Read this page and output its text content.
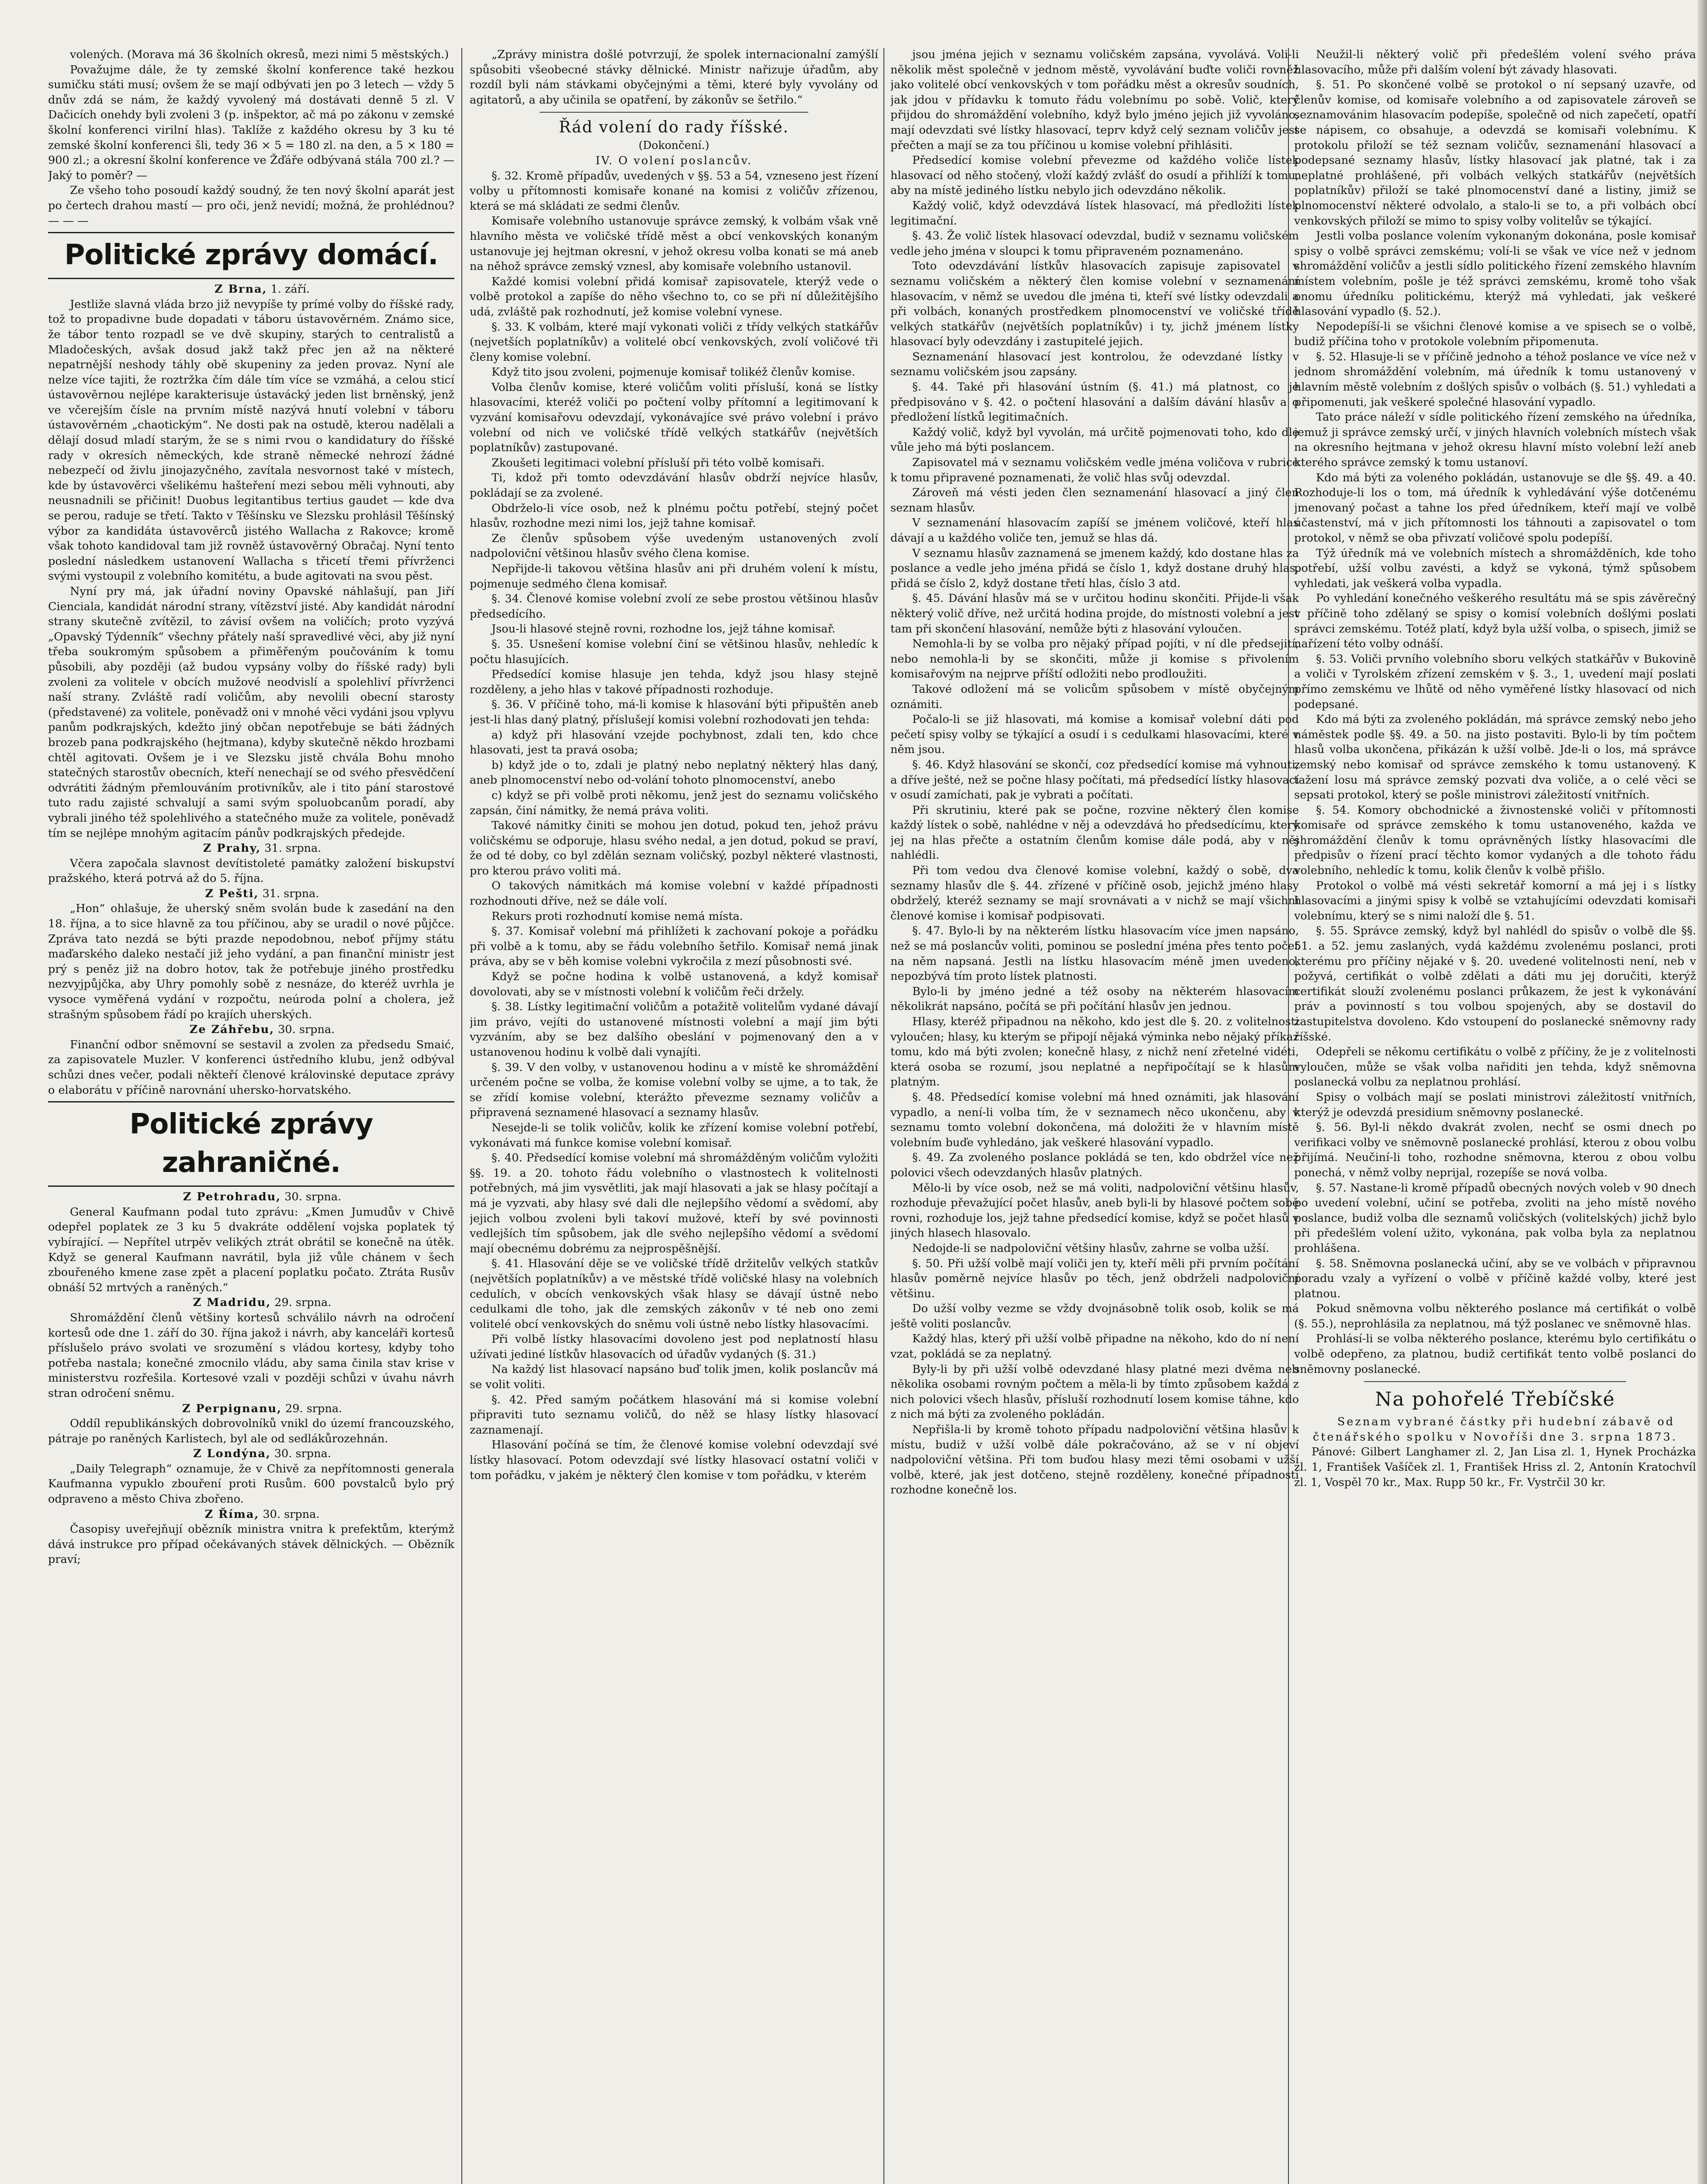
volených. (Morava má 36 školních okresů, mezi nimi 5 městských.)

Považujme dále, že ty zemské školní konference také hezkou sumičku státi musí; ovšem že se mají odbývati jen po 3 letech — vždy 5 dnův zdá se nám, že každý vyvolený má dostávati denně 5 zl. V Dačicích onehdy byli zvoleni 3 (p. inšpektor, ač má po zákonu v zemské školní konferenci virilní hlas). Taklíže z každého okresu by 3 ku té zemské školní konferenci šli, tedy 36 × 5 = 180 zl. na den, a 5 × 180 = 900 zl.; a okresní školní konference ve Žďáře odbývaná stála 700 zl.? — Jaký to poměr? —

Ze všeho toho posoudí každý soudný, že ten nový školní aparát jest po čertech drahou mastí — pro oči, jenž nevidí; možná, že prohlédnou? — — —

Politické zprávy domácí.

Z Brna, 1. září.

Jestliže slavná vláda brzo již nevypíše ty prímé volby do říšské rady, tož to propadivne bude dopadati v táboru ústavověrném. Známo sice, že tábor tento rozpadl se ve dvě skupiny, starých to centralistů a Mladočeských, avšak dosud jakž takž přec jen až na některé nepatrnější neshody táhly obě skupeniny za jeden provaz. Nyní ale nelze více tajiti, že roztržka čím dále tím více se vzmáhá, a celou sticí ústavověrnou nejlépe karakterisuje ústavácký jeden list brněnský, jenž ve včerejším čísle na prvním místě nazývá hnutí volební v táboru ústavověrném „chaotickým“. Ne dosti pak na ostudě, kterou nadělali a dělají dosud mladí starým, že se s nimi rvou o kandidatury do říšské rady v okresích německých, kde straně německé nehrozí žádné nebezpečí od živlu jinojazyčného, zavítala nesvornost také v místech, kde by ústavověrci všelikému hašteření mezi sebou měli vyhnouti, aby neusnadnili se přičinit! Duobus legitantibus tertius gaudet — kde dva se perou, raduje se třetí. Takto v Těšínsku ve Slezsku prohlásil Těšínský výbor za kandidáta ústavověrců jistého Wallacha z Rakovce; kromě však tohoto kandidoval tam již rovněž ústavověrný Obračaj. Nyní tento poslední následkem ustanovení Wallacha s třicetí třemi přívrženci svými vystoupil z volebního komitétu, a bude agitovati na svou pěst.

Nyní pry má, jak úřadní noviny Opavské náhlašují, pan Jiří Cienciala, kandidát národní strany, vítězství jisté. Aby kandidát národní strany skutečně zvítězil, to závisí ovšem na voličích; proto vyzývá „Opavský Týdenník“ všechny přátely naší spravedlivé věci, aby již nyní třeba soukromým spůsobem a přiměřeným poučováním k tomu působili, aby později (až budou vypsány volby do říšské rady) byli zvoleni za volitele v obcích mužové neodvislí a spolehliví přívrženci naší strany. Zvláště radí voličům, aby nevolili obecní starosty (představené) za volitele, poněvadž oni v mnohé věci vydáni jsou vplyvu panům podkrajských, kdežto jiný občan nepotřebuje se báti žádných brozeb pana podkrajského (hejtmana), kdyby skutečně někdo hrozbami chtěl agitovati. Ovšem je i ve Slezsku jistě chvála Bohu mnoho statečných starostův obecních, kteří nenechají se od svého přesvědčení odvrátiti žádným přemlouváním protivníkův, ale i tito pání starostové tuto radu zajisté schvalují a sami svým spoluobcanům poradí, aby vybrali jiného též spolehlivého a statečného muže za volitele, poněvadž tím se nejlépe mnohým agitacím pánův podkrajských předejde.

Z Prahy, 31. srpna.

Včera započala slavnost devítistoleté památky založení biskupství pražského, která potrvá až do 5. října.

Z Pešti, 31. srpna.

„Hon“ ohlašuje, že uherský sněm svolán bude k zasedání na den 18. října, a to sice hlavně za tou příčinou, aby se uradil o nové půjčce. Zpráva tato nezdá se býti prazde nepodobnou, neboť příjmy státu maďarského daleko nestačí již jeho vydání, a pan finanční ministr jest prý s peněz již na dobro hotov, tak že potřebuje jiného prostředku nezvyjpůjčka, aby Uhry pomohly sobě z nesnáze, do kteréž uvrhla je vysoce vyměřená vydání v rozpočtu, neúroda polní a cholera, jež strašným spůsobem řádí po krajích uherských.

Ze Záhřebu, 30. srpna.

Finanční odbor sněmovní se sestavil a zvolen za předsedu Smaić, za zapisovatele Muzler. V konferenci ústředního klubu, jenž odbýval schůzi dnes večer, podali někteří členové královinské deputace zprávy o elaborátu v příčině narovnání uhersko-horvatského.

Politické zprávy zahraničné.

Z Petrohradu, 30. srpna.

General Kaufmann podal tuto zprávu: „Kmen Jumudův v Chivě odepřel poplatek ze 3 ku 5 dvakráte oddělení vojska poplatek tý vybírající. — Nepřítel utrpěv velikých ztrát obrátil se konečně na útěk. Když se general Kaufmann navrátil, byla již vůle chánem v šech zbouřeného kmene zase zpět a placení poplatku počato. Ztráta Rusův obnáší 52 mrtvých a raněných.“

Z Madridu, 29. srpna.

Shromáždění členů většiny kortesů schválilo návrh na odročení kortesů ode dne 1. září do 30. října jakož i návrh, aby kanceláři kortesů příslušelo právo svolati ve srozumění s vládou kortesy, kdyby toho potřeba nastala; konečné zmocnilo vládu, aby sama činila stav krise v ministerstvu rozřešila. Kortesové vzali v později schůzi v úvahu návrh stran odročení sněmu.

Z Perpignanu, 29. srpna.

Oddíl republikánských dobrovolníků vnikl do území francouzského, pátraje po raněných Karlistech, byl ale od sedlákůrozehnán.

Z Londýna, 30. srpna.

„Daily Telegraph“ oznamuje, že v Chivě za nepřítomnosti generala Kaufmanna vypuklo zbouření proti Rusům. 600 povstalců bylo prý odpraveno a město Chiva zbořeno.

Z Říma, 30. srpna.

Časopisy uveřejňují obězník ministra vnitra k prefektům, kterýmž dává instrukce pro případ očekávaných stávek dělnických. — Obězník praví;

„Zprávy ministra došlé potvrzují, že spolek internacionalní zamýšlí spůsobiti všeobecné stávky dělnické. Ministr nařizuje úřadům, aby rozdíl byli nám stávkami obyčejnými a těmi, které byly vyvolány od agitatorů, a aby učinila se opatření, by zákonův se šetřilo.“

Řád volení do rady říšské.
(Dokončení.)
IV. O volení poslancův.

§. 32. Kromě případův, uvedených v §§. 53 a 54, vzneseno jest řízení volby u přítomnosti komisaře konané na komisi z voličův zřízenou, která se má skládati ze sedmi členův.

Komisaře volebního ustanovuje správce zemský, k volbám však vně hlavního města ve voličské třídě měst a obcí venkovských konaným ustanovuje jej hejtman okresní, v jehož okresu volba konati se má aneb na něhož správce zemský vznesl, aby komisaře volebního ustanovil.

Každé komisi volební přidá komisař zapisovatele, kterýž vede o volbě protokol a zapíše do něho všechno to, co se při ní důležitějšího udá, zvláště pak rozhodnutí, jež komise volební vynese.

§. 33. K volbám, které mají vykonati voliči z třídy velkých statkářův (nejvetších poplatníkův) a volitelé obcí venkovských, zvolí voličové tři členy komise volební.

Když tito jsou zvoleni, pojmenuje komisař tolikéž členův komise.

Volba členův komise, které voličům voliti přísluší, koná se lístky hlasovacími, kteréž voliči po počtení volby přítomní a legitimovaní k vyzvání komisařovu odevzdají, vykonávajíce své právo volební i právo volební od nich ve voličské třídě velkých statkářův (největších poplatníkův) zastupované.

Zkoušeti legitimaci volební přísluší při této volbě komisaři.

Ti, kdož při tomto odevzdávání hlasův obdrží nejvíce hlasův, pokládají se za zvolené.

Obdrželo-li více osob, než k plnému počtu potřebí, stejný počet hlasův, rozhodne mezi nimi los, jejž tahne komisař.

Ze členův spůsobem výše uvedeným ustanovených zvolí nadpoloviční většinou hlasův svého člena komise.

Nepřijde-li takovou většina hlasův ani při druhém volení k místu, pojmenuje sedmého člena komisař.

§. 34. Členové komise volební zvolí ze sebe prostou většinou hlasův předsedícího.

Jsou-li hlasové stejně rovni, rozhodne los, jejž táhne komisař.

§. 35. Usnešení komise volební činí se většinou hlasův, nehledíc k počtu hlasujících.

Předsedící komise hlasuje jen tehda, když jsou hlasy stejně rozděleny, a jeho hlas v takové případnosti rozhoduje.

§. 36. V příčině toho, má-li komise k hlasování býti připuštěn aneb jest-li hlas daný platný, příslušejí komisi volební rozhodovati jen tehda:

a) když při hlasování vzejde pochybnost, zdali ten, kdo chce hlasovati, jest ta pravá osoba;

b) když jde o to, zdali je platný nebo neplatný některý hlas daný, aneb plnomocenství nebo od-volání tohoto plnomocenství, anebo

c) když se při volbě proti někomu, jenž jest do seznamu voličského zapsán, činí námitky, že nemá práva voliti.

Takové námitky činiti se mohou jen dotud, pokud ten, jehož právu voličskému se odporuje, hlasu svého nedal, a jen dotud, pokud se praví, že od té doby, co byl zdělán seznam voličský, pozbyl některé vlastnosti, pro kterou právo voliti má.

O takových námitkách má komise volební v každé případnosti rozhodnouti dříve, než se dále volí.

Rekurs proti rozhodnutí komise nemá místa.

§. 37. Komisař volební má přihlížeti k zachovaní pokoje a pořádku při volbě a k tomu, aby se řádu volebního šetřilo. Komisař nemá jinak práva, aby se v běh komise volebni vykročila z mezí působnosti své.

Když se počne hodina k volbě ustanovená, a když komisař dovolovati, aby se v místnosti volební k voličům řeči držely.

§. 38. Lístky legitimační voličům a potažitě volitelům vydané dávají jim právo, vejíti do ustanovené místnosti volební a mají jim býti vyzváním, aby se bez dalšího obeslání v pojmenovaný den a v ustanovenou hodinu k volbě dali vynajíti.

§. 39. V den volby, v ustanovenou hodinu a v místě ke shromáždění určeném počne se volba, že komise volební volby se ujme, a to tak, že se zřídí komise volební, kterážto převezme seznamy voličův a připravená seznamené hlasovací a seznamy hlasův.

Nesejde-li se tolik voličův, kolik ke zřízení komise volební potřebí, vykonávati má funkce komise volební komisař.

§. 40. Předsedící komise volební má shromážděným voličům vyložiti §§. 19. a 20. tohoto řádu volebního o vlastnostech k volitelnosti potřebných, má jim vysvětliti, jak mají hlasovati a jak se hlasy počítají a má je vyzvati, aby hlasy své dali dle nejlepšího vědomí a svědomí, aby jejich volbou zvoleni byli takoví mužové, kteří by své povinnosti vedlejších tím spůsobem, jak dle svého nejlepšího vědomí a svědomí mají obecnému dobrému za nejprospěšnější.

§. 41. Hlasování děje se ve voličské třídě držitelův velkých statkův (největších poplatníkův) a ve městské třídě voličské hlasy na volebních cedulích, v obcích venkovských však hlasy se dávají ústně nebo cedulkami dle toho, jak dle zemských zákonův v té neb ono zemi volitelé obcí venkovských do sněmu voli ústně nebo lístky hlasovacími.

Při volbě lístky hlasovacími dovoleno jest pod neplatností hlasu užívati jediné lístkův hlasovacích od úřadův vydaných (§. 31.)

Na každý list hlasovací napsáno buď tolik jmen, kolik poslancův má se volit voliti.

§. 42. Před samým počátkem hlasování má si komise volební připraviti tuto seznamu voličů, do něž se hlasy lístky hlasovací zaznamenají.

Hlasování počíná se tím, že členové komise volební odevzdají své lístky hlasovací. Potom odevzdají své lístky hlasovací ostatní voliči v tom pořádku, v jakém je některý člen komise v tom pořádku, v kterém

jsou jména jejich v seznamu voličském zapsána, vyvolává. Voli-li několik měst společně v jednom městě, vyvolávání buďte voliči rovněž jako volitelé obcí venkovských v tom pořádku měst a okresův soudních, jak jdou v přídavku k tomuto řádu volebnímu po sobě. Volič, který přijdou do shromáždění volebního, když bylo jméno jejich již vyvoláno, mají odevzdati své lístky hlasovací, teprv když celý seznam voličův jest přečten a mají se za tou příčinou u komise volební přihlásiti.

Předsedící komise volební převezme od každého voliče lístek hlasovací od něho stočený, vloží každý zvlášť do osudí a přihlíží k tomu, aby na místě jediného lístku nebylo jich odevzdáno několik.

Každý volič, když odevzdává lístek hlasovací, má předložiti lístek legitimační.

§. 43. Že volič lístek hlasovací odevzdal, budiž v seznamu voličském vedle jeho jména v sloupci k tomu připraveném poznamenáno.

Toto odevzdávání lístkův hlasovacích zapisuje zapisovatel v seznamu voličském a některý člen komise volební v seznamenání hlasovacím, v němž se uvedou dle jména ti, kteří své lístky odevzdali a při volbách, konaných prostředkem plnomocenství ve voličské třídě velkých statkářův (největších poplatníkův) i ty, jichž jménem lístky hlasovací byly odevzdány i zastupitelé jejich.

Seznamenání hlasovací jest kontrolou, že odevzdané lístky v seznamu voličském jsou zapsány.

§. 44. Také při hlasování ústním (§. 41.) má platnost, co je předpisováno v §. 42. o počtení hlasování a dalším dávání hlasův a o předložení lístků legitimačních.

Každý volič, když byl vyvolán, má určitě pojmenovati toho, kdo dle vůle jeho má býti poslancem.

Zapisovatel má v seznamu voličském vedle jména voličova v rubrice k tomu připravené poznamenati, že volič hlas svůj odevzdal.

Zároveň má vésti jeden člen seznamenání hlasovací a jiný člen seznam hlasův.

V seznamenání hlasovacím zapíší se jménem voličové, kteří hlas dávají a u každého voliče ten, jemuž se hlas dá.

V seznamu hlasův zaznamená se jmenem každý, kdo dostane hlas za poslance a vedle jeho jména přidá se číslo 1, když dostane druhý hlas, přidá se číslo 2, když dostane třetí hlas, číslo 3 atd.

§. 45. Dávání hlasův má se v určitou hodinu skončiti. Přijde-li však některý volič dříve, než určitá hodina projde, do místnosti volební a jest tam při skončení hlasování, nemůže býti z hlasování vyloučen.

Nemohla-li by se volba pro nějaký případ pojíti, v ní dle předsejití, nebo nemohla-li by se skončiti, může ji komise s přivolením komisařovým na nejprve příští odložiti nebo prodloužiti.

Takové odložení má se volicům spůsobem v místě obyčejným oznámiti.

Počalo-li se již hlasovati, má komise a komisař volební dáti pod pečetí spisy volby se týkající a osudí i s cedulkami hlasovacími, které v něm jsou.

§. 46. Když hlasování se skončí, coz předsedící komise má vyhnouti, a dříve ješté, než se počne hlasy počítati, má předsedící lístky hlasovací v osudí zamíchati, pak je vybrati a počítati.

Při skrutiniu, které pak se počne, rozvine některý člen komise každý lístek o sobě, nahlédne v něj a odevzdává ho předsedícímu, který jej na hlas přečte a ostatním členům komise dále podá, aby v něj nahlédli.

Při tom vedou dva členové komise volební, každý o sobě, dva seznamy hlasův dle §. 44. zřízené v příčině osob, jejichž jméno hlasy obdrželý, kteréž seznamy se mají srovnávati a v nichž se mají všichni členové komise i komisař podpisovati.

§. 47. Bylo-li by na některém lístku hlasovacím více jmen napsáno, než se má poslancův voliti, pominou se poslední jména přes tento počet na něm napsaná. Jestli na lístku hlasovacím méně jmen uvedeno, nepozbývá tím proto lístek platnosti.

Bylo-li by jméno jedné a též osoby na některém hlasovacím několikrát napsáno, počítá se při počítání hlasův jen jednou.

Hlasy, kteréž připadnou na někoho, kdo jest dle §. 20. z volitelnosti vyloučen; hlasy, ku kterým se připojí nějaká výminka nebo nějaký příkaz tomu, kdo má býti zvolen; konečně hlasy, z nichž není zřetelné vidéti, která osoba se rozumí, jsou neplatné a nepřipočítají se k hlasům platným.

§. 48. Předsedící komise volební má hned oznámiti, jak hlasování vypadlo, a není-li volba tím, že v seznamech něco ukončenu, aby v seznamu tomto volební dokončena, má doložiti že v hlavním místě volebním buďe vyhledáno, jak veškeré hlasování vypadlo.

§. 49. Za zvoleného poslance pokládá se ten, kdo obdržel více než polovici všech odevzdaných hlasův platných.

Mělo-li by více osob, než se má voliti, nadpoloviční většinu hlasův, rozhoduje převažující počet hlasův, aneb byli-li by hlasové počtem sobě rovni, rozhoduje los, jejž tahne předsedící komise, když se počet hlasů v jiných hlasech hlasovalo.

Nedojde-li se nadpoloviční většiny hlasův, zahrne se volba užší.

§. 50. Při užší volbě mají voliči jen ty, kteří měli při prvním počítání hlasův poměrně nejvíce hlasův po těch, jenž obdrželi nadpoloviční většinu.

Do užší volby vezme se vždy dvojnásobně tolik osob, kolik se má ještě voliti poslancův.

Každý hlas, který při užší volbě připadne na někoho, kdo do ní není vzat, pokládá se za neplatný.

Byly-li by při užší volbě odevzdané hlasy platné mezi dvěma neb několika osobami rovným počtem a měla-li by tímto způsobem každá z nich polovici všech hlasův, přísluší rozhodnutí losem komise táhne, kdo z nich má býti za zvoleného pokládán.

Nepřišla-li by kromě tohoto případu nadpoloviční většina hlasův k místu, budiž v užší volbě dále pokračováno, až se v ní objeví nadpoloviční většina. Při tom buďou hlasy mezi těmi osobami v užší volbě, které, jak jest dotčeno, stejně rozděleny, konečné případnosti rozhodne konečně los.

Neužil-li některý volič při předešlém volení svého práva hlasovacího, může při dalším volení být závady hlasovati.

§. 51. Po skončené volbě se protokol o ní sepsaný uzavře, od členův komise, od komisaře volebního a od zapisovatele zároveň se seznamovánim hlasovacím podepíše, společně od nich zapečetí, opatří se nápisem, co obsahuje, a odevzdá se komisaři volebnímu. K protokolu přiloží se též seznam voličův, seznamenání hlasovací a podepsané seznamy hlasův, lístky hlasovací jak platné, tak i za neplatné prohlášené, při volbách velkých statkářův (největších poplatníkův) přiloží se také plnomocenství dané a listiny, jimiž se plnomocenství některé odvolalo, a stalo-li se to, a při volbách obcí venkovských přiloží se mimo to spisy volby volitelův se týkající.

Jestli volba poslance volením vykonaným dokonána, posle komisař spisy o volbě správci zemskému; volí-li se však ve více než v jednom shromáždění voličův a jestli sídlo politického řízení zemského hlavním místem volebním, pošle je též správci zemskému, kromě toho však onomu úředníku politickému, kterýž má vyhledati, jak veškeré hlasování vypadlo (§. 52.).

Nepodepíší-li se všichni členové komise a ve spisech se o volbě, budiž příčina toho v protokole volebním připomenuta.

§. 52. Hlasuje-li se v příčině jednoho a téhož poslance ve více než v jednom shromáždění volebním, má úředník k tomu ustanovený v hlavním městě volebním z došlých spisův o volbách (§. 51.) vyhledati a připomenuti, jak veškeré společné hlasování vypadlo.

Tato práce náleží v sídle politického řízení zemského na úředníka, jemuž ji správce zemský určí, v jiných hlavních volebních místech však na okresního hejtmana v jehož okresu hlavní místo volební leží aneb kterého správce zemský k tomu ustanoví.

Kdo má býti za voleného pokládán, ustanovuje se dle §§. 49. a 40. Rozhoduje-li los o tom, má úředník k vyhledávání výše dotčenému jmenovaný počast a tahne los před úředníkem, kteří mají ve volbě účastenství, má v jich přítomnosti los táhnouti a zapisovatel o tom protokol, v němž se oba přivzatí voličové spolu podepíší.

Týž úředník má ve volebních místech a shromážděních, kde toho potřebí, užší volbu zavésti, a když se vykoná, týmž spůsobem vyhledati, jak veškerá volba vypadla.

Po vyhledání konečného veškerého resultátu má se spis závěrečný v příčině toho zdělaný se spisy o komisí volebních došlými poslati správci zemskému. Totéž platí, když byla užší volba, o spisech, jimiž se nařízení této volby odnáší.

§. 53. Voliči prvního volebního sboru velkých statkářův v Bukovině a voliči v Tyrolském zřízení zemském v §. 3., 1, uvedení mají poslati přímo zemskému ve lhůtě od něho vyměřené lístky hlasovací od nich podepsané.

Kdo má býti za zvoleného pokládán, má správce zemský nebo jeho náměstek podle §§. 49. a 50. na jisto postaviti. Bylo-li by tím počtem hlasů volba ukončena, přikázán k užší volbě. Jde-li o los, má správce zemský nebo komisař od správce zemského k tomu ustanovený. K tažení losu má správce zemský pozvati dva voliče, a o celé věci se sepsati protokol, který se pošle ministrovi záležitostí vnitřních.

§. 54. Komory obchodnické a živnostenské voliči v přítomnosti komisaře od správce zemského k tomu ustanoveného, každa ve shromáždění členův k tomu oprávněných lístky hlasovacími dle předpisův o řízení prací těchto komor vydaných a dle tohoto řádu volebního, nehledíc k tomu, kolik členův k volbě přišlo.

Protokol o volbě má vésti sekretář komorní a má jej i s lístky hlasovacími a jinými spisy k volbě se vztahujícími odevzdati komisaři volebnímu, který se s nimi naloží dle §. 51.

§. 55. Správce zemský, když byl nahlédl do spisův o volbě dle §§. 51. a 52. jemu zaslaných, vydá každému zvolenému poslanci, proti kterému pro příčiny nějaké v §. 20. uvedené volitelnosti není, neb v požyvá, certifikát o volbě zdělati a dáti mu jej doručiti, kterýž certifikát slouží zvolenému poslanci průkazem, že jest k vykonávání práv a povinností s tou volbou spojených, aby se dostavil do zastupitelstva dovoleno. Kdo vstoupení do poslanecké sněmovny rady říšské.

Odepřeli se někomu certifikátu o volbě z příčiny, že je z volitelnosti vyloučen, může se však volba nařiditi jen tehda, když sněmovna poslanecká volbu za neplatnou prohlásí.

Spisy o volbách mají se poslati ministrovi záležitostí vnitřních, kterýž je odevzdá presidium sněmovny poslanecké.

§. 56. Byl-li někdo dvakrát zvolen, nechť se osmi dnech po verifikaci volby ve sněmovně poslanecké prohlásí, kterou z obou volbu přijímá. Neučiní-li toho, rozhodne sněmovna, kterou z obou volbu ponechá, v němž volby neprijal, rozepíše se nová volba.

§. 57. Nastane-li kromě případů obecných nových voleb v 90 dnech po uvedení volební, učiní se potřeba, zvoliti na jeho místě nového poslance, budiž volba dle seznamů voličských (volitelských) jichž bylo při předešlém volení užito, vykonána, pak volba byla za neplatnou prohlášena.

§. 58. Sněmovna poslanecká učiní, aby se ve volbách v připravnou poradu vzaly a vyřízení o volbě v příčině každé volby, které jest platnou.

Pokud sněmovna volbu některého poslance má certifikát o volbě (§. 55.), neprohlásila za neplatnou, má týž poslanec ve sněmovně hlas.

Prohlásí-li se volba některého poslance, kterému bylo certifikátu o volbě odepřeno, za platnou, budiž certifikát tento volbě poslanci do sněmovny poslanecké.

Na pohořelé Třebíčské

Seznam vybrané částky při hudební zábavě od čtenářského spolku v Novoříši dne 3. srpna 1873.

Pánové: Gilbert Langhamer zl. 2, Jan Lisa zl. 1, Hynek Procházka zl. 1, František Vašíček zl. 1, František Hriss zl. 2, Antonín Kratochvíl zl. 1, Vospěl 70 kr., Max. Rupp 50 kr., Fr. Vystrčil 30 kr.
